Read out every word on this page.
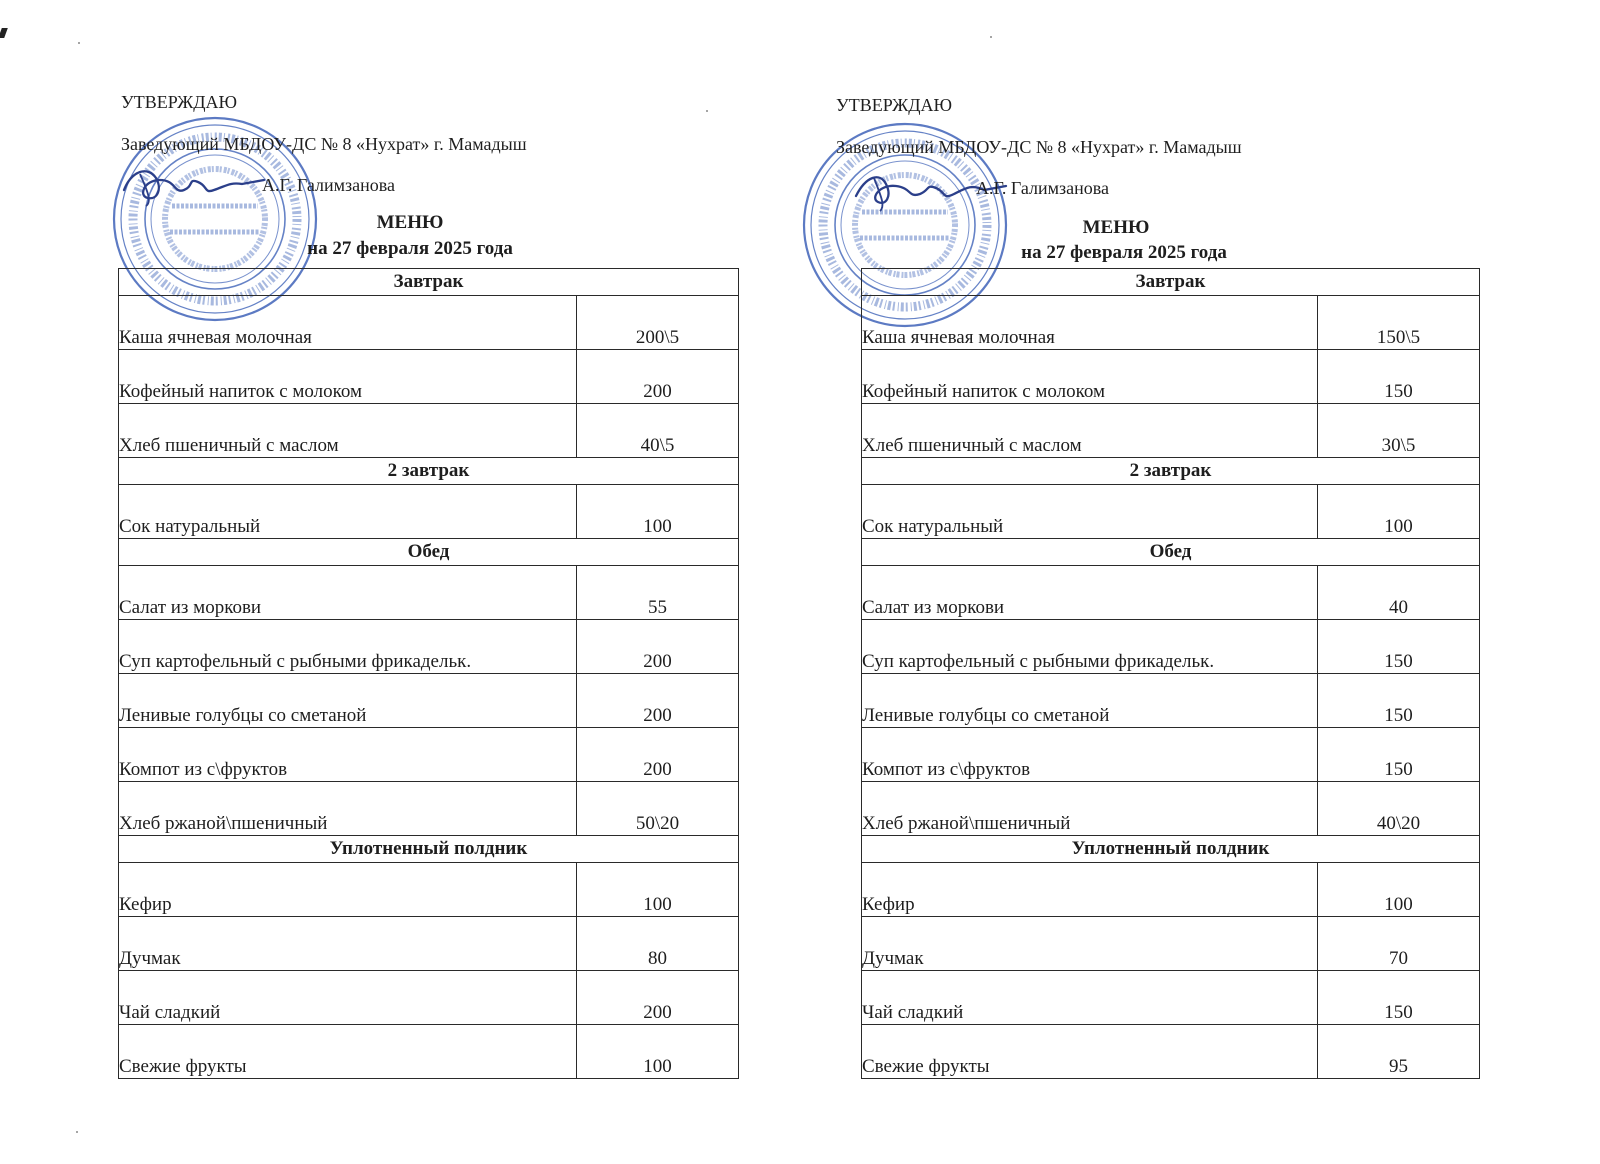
УТВЕРЖДАЮ
Заведующий МБДОУ-ДС № 8 «Нухрат» г. Мамадыш
А.Г. Галимзанова
МЕНЮ
на 27 февраля 2025 года
Завтрак	
Каша ячневая молочная	200\5
Кофейный напиток с молоком	200
Хлеб пшеничный с маслом	40\5
2 завтрак	
Сок натуральный	100
Обед	
Салат из моркови	55
Суп картофельный с рыбными фрикадельк.	200
Ленивые голубцы со сметаной	200
Компот из с\фруктов	200
Хлеб ржаной\пшеничный	50\20
Уплотненный полдник	
Кефир	100
Дучмак	80
Чай сладкий	200
Свежие фрукты	100
УТВЕРЖДАЮ
Заведующий МБДОУ-ДС № 8 «Нухрат» г. Мамадыш
А.Г. Галимзанова
МЕНЮ
на 27 февраля 2025 года
Завтрак	
Каша ячневая молочная	150\5
Кофейный напиток с молоком	150
Хлеб пшеничный с маслом	30\5
2 завтрак	
Сок натуральный	100
Обед	
Салат из моркови	40
Суп картофельный с рыбными фрикадельк.	150
Ленивые голубцы со сметаной	150
Компот из с\фруктов	150
Хлеб ржаной\пшеничный	40\20
Уплотненный полдник	
Кефир	100
Дучмак	70
Чай сладкий	150
Свежие фрукты	95
